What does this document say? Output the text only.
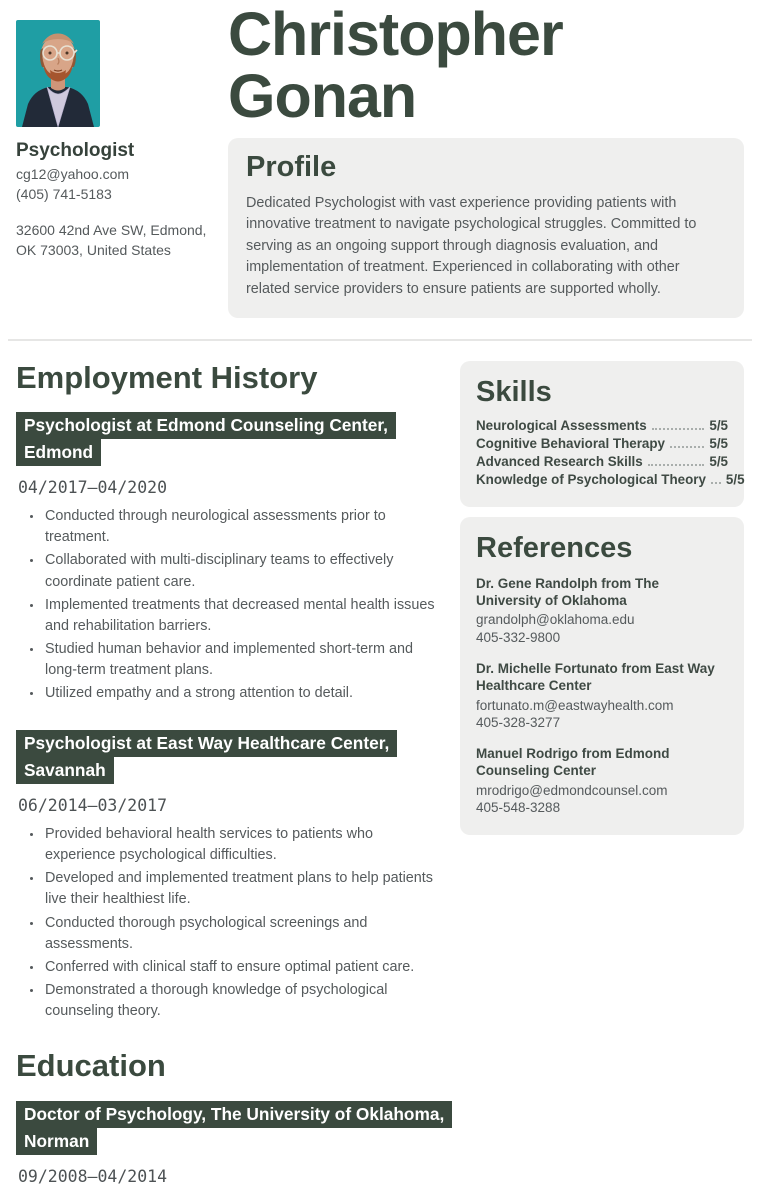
Psychologist
cg12@yahoo.com
(405) 741-5183
32600 42nd Ave SW, Edmond, OK 73003, United States
Christopher Gonan
Profile
Dedicated Psychologist with vast experience providing patients with innovative treatment to navigate psychological struggles. Committed to serving as an ongoing support through diagnosis evaluation, and implementation of treatment. Experienced in collaborating with other related service providers to ensure patients are supported wholly.
Employment History
Psychologist at Edmond Counseling Center, Edmond
04/2017—04/2020
• Conducted through neurological assessments prior to treatment.
• Collaborated with multi-disciplinary teams to effectively coordinate patient care.
• Implemented treatments that decreased mental health issues and rehabilitation barriers.
• Studied human behavior and implemented short-term and long-term treatment plans.
• Utilized empathy and a strong attention to detail.
Psychologist at East Way Healthcare Center, Savannah
06/2014—03/2017
• Provided behavioral health services to patients who experience psychological difficulties.
• Developed and implemented treatment plans to help patients live their healthiest life.
• Conducted thorough psychological screenings and assessments.
• Conferred with clinical staff to ensure optimal patient care.
• Demonstrated a thorough knowledge of psychological counseling theory.
Education
Doctor of Psychology, The University of Oklahoma, Norman
09/2008—04/2014
Skills
Neurological Assessments	5/5
Cognitive Behavioral Therapy	5/5
Advanced Research Skills	5/5
Knowledge of Psychological Theory 5/5
References
Dr. Gene Randolph from The University of Oklahoma
grandolph@oklahoma.edu
405-332-9800
Dr. Michelle Fortunato from East Way Healthcare Center
fortunato.m@eastwayhealth.com
405-328-3277
Manuel Rodrigo from Edmond Counseling Center
mrodrigo@edmondcounsel.com
405-548-3288
